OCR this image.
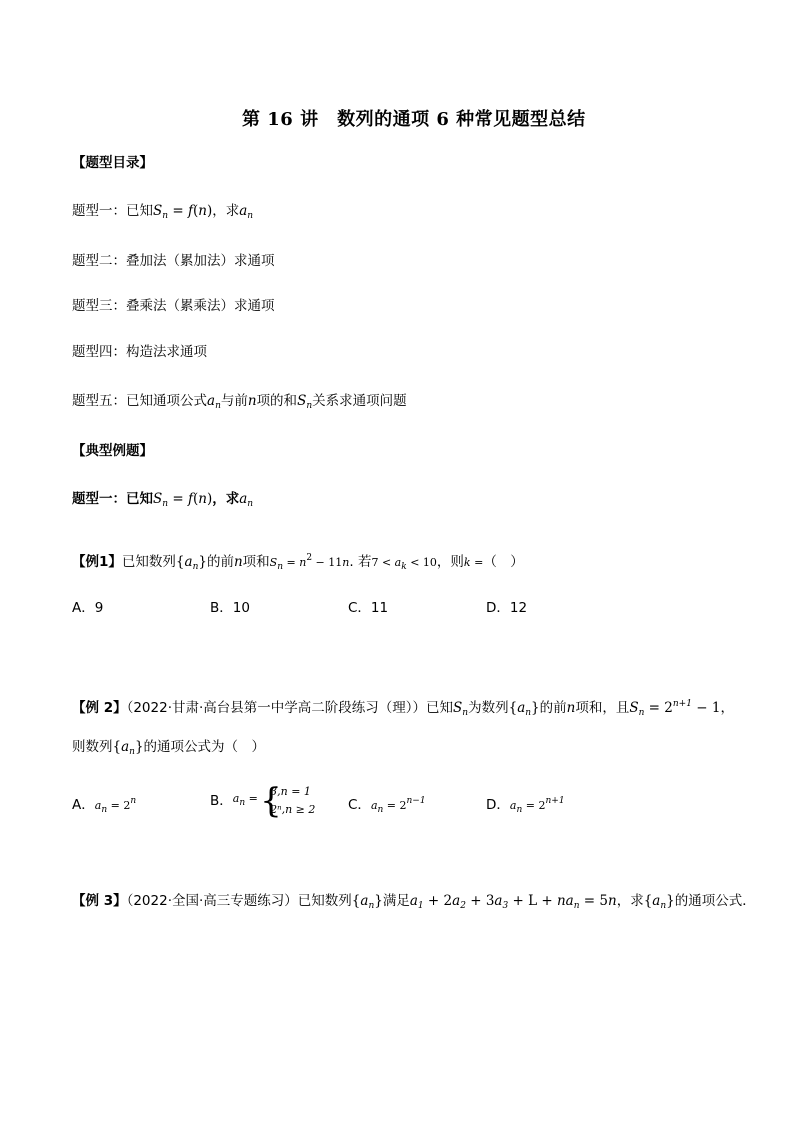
第 16 讲　数列的通项 6 种常见题型总结
【题型目录】
题型一：已知$S_n = f(n)$，求$a_n$
题型二：叠加法（累加法）求通项
题型三：叠乘法（累乘法）求通项
题型四：构造法求通项
题型五：已知通项公式$a_n$与前n项的和$S_n$关系求通项问题
【典型例题】
题型一：已知$S_n = f(n)$，求$a_n$
【例1】已知数列$\{a_n\}$的前n项和$S_n = n^2 - 11n$. 若$7 < a_k < 10$，则k =（　）
A．9	B．10	C．11	D．12
【例 2】（2022·甘肃·高台县第一中学高二阶段练习（理））已知$S_n$为数列$\{a_n\}$的前n项和，且$S_n = 2^{n+1} - 1$，
则数列$\{a_n\}$的通项公式为（　）
A．$a_n = 2^n$	B．$a_n$ = {
3,n = 1
2ⁿ,n ≥ 2 C．$a_n = 2^{n-1}$	D．$a_n = 2^{n+1}$
【例 3】（2022·全国·高三专题练习）已知数列$\{a_n\}$满足$a_1 + 2a_2 + 3a_3 + L + na_n = 5n$，求$\{a_n\}$的通项公式．
